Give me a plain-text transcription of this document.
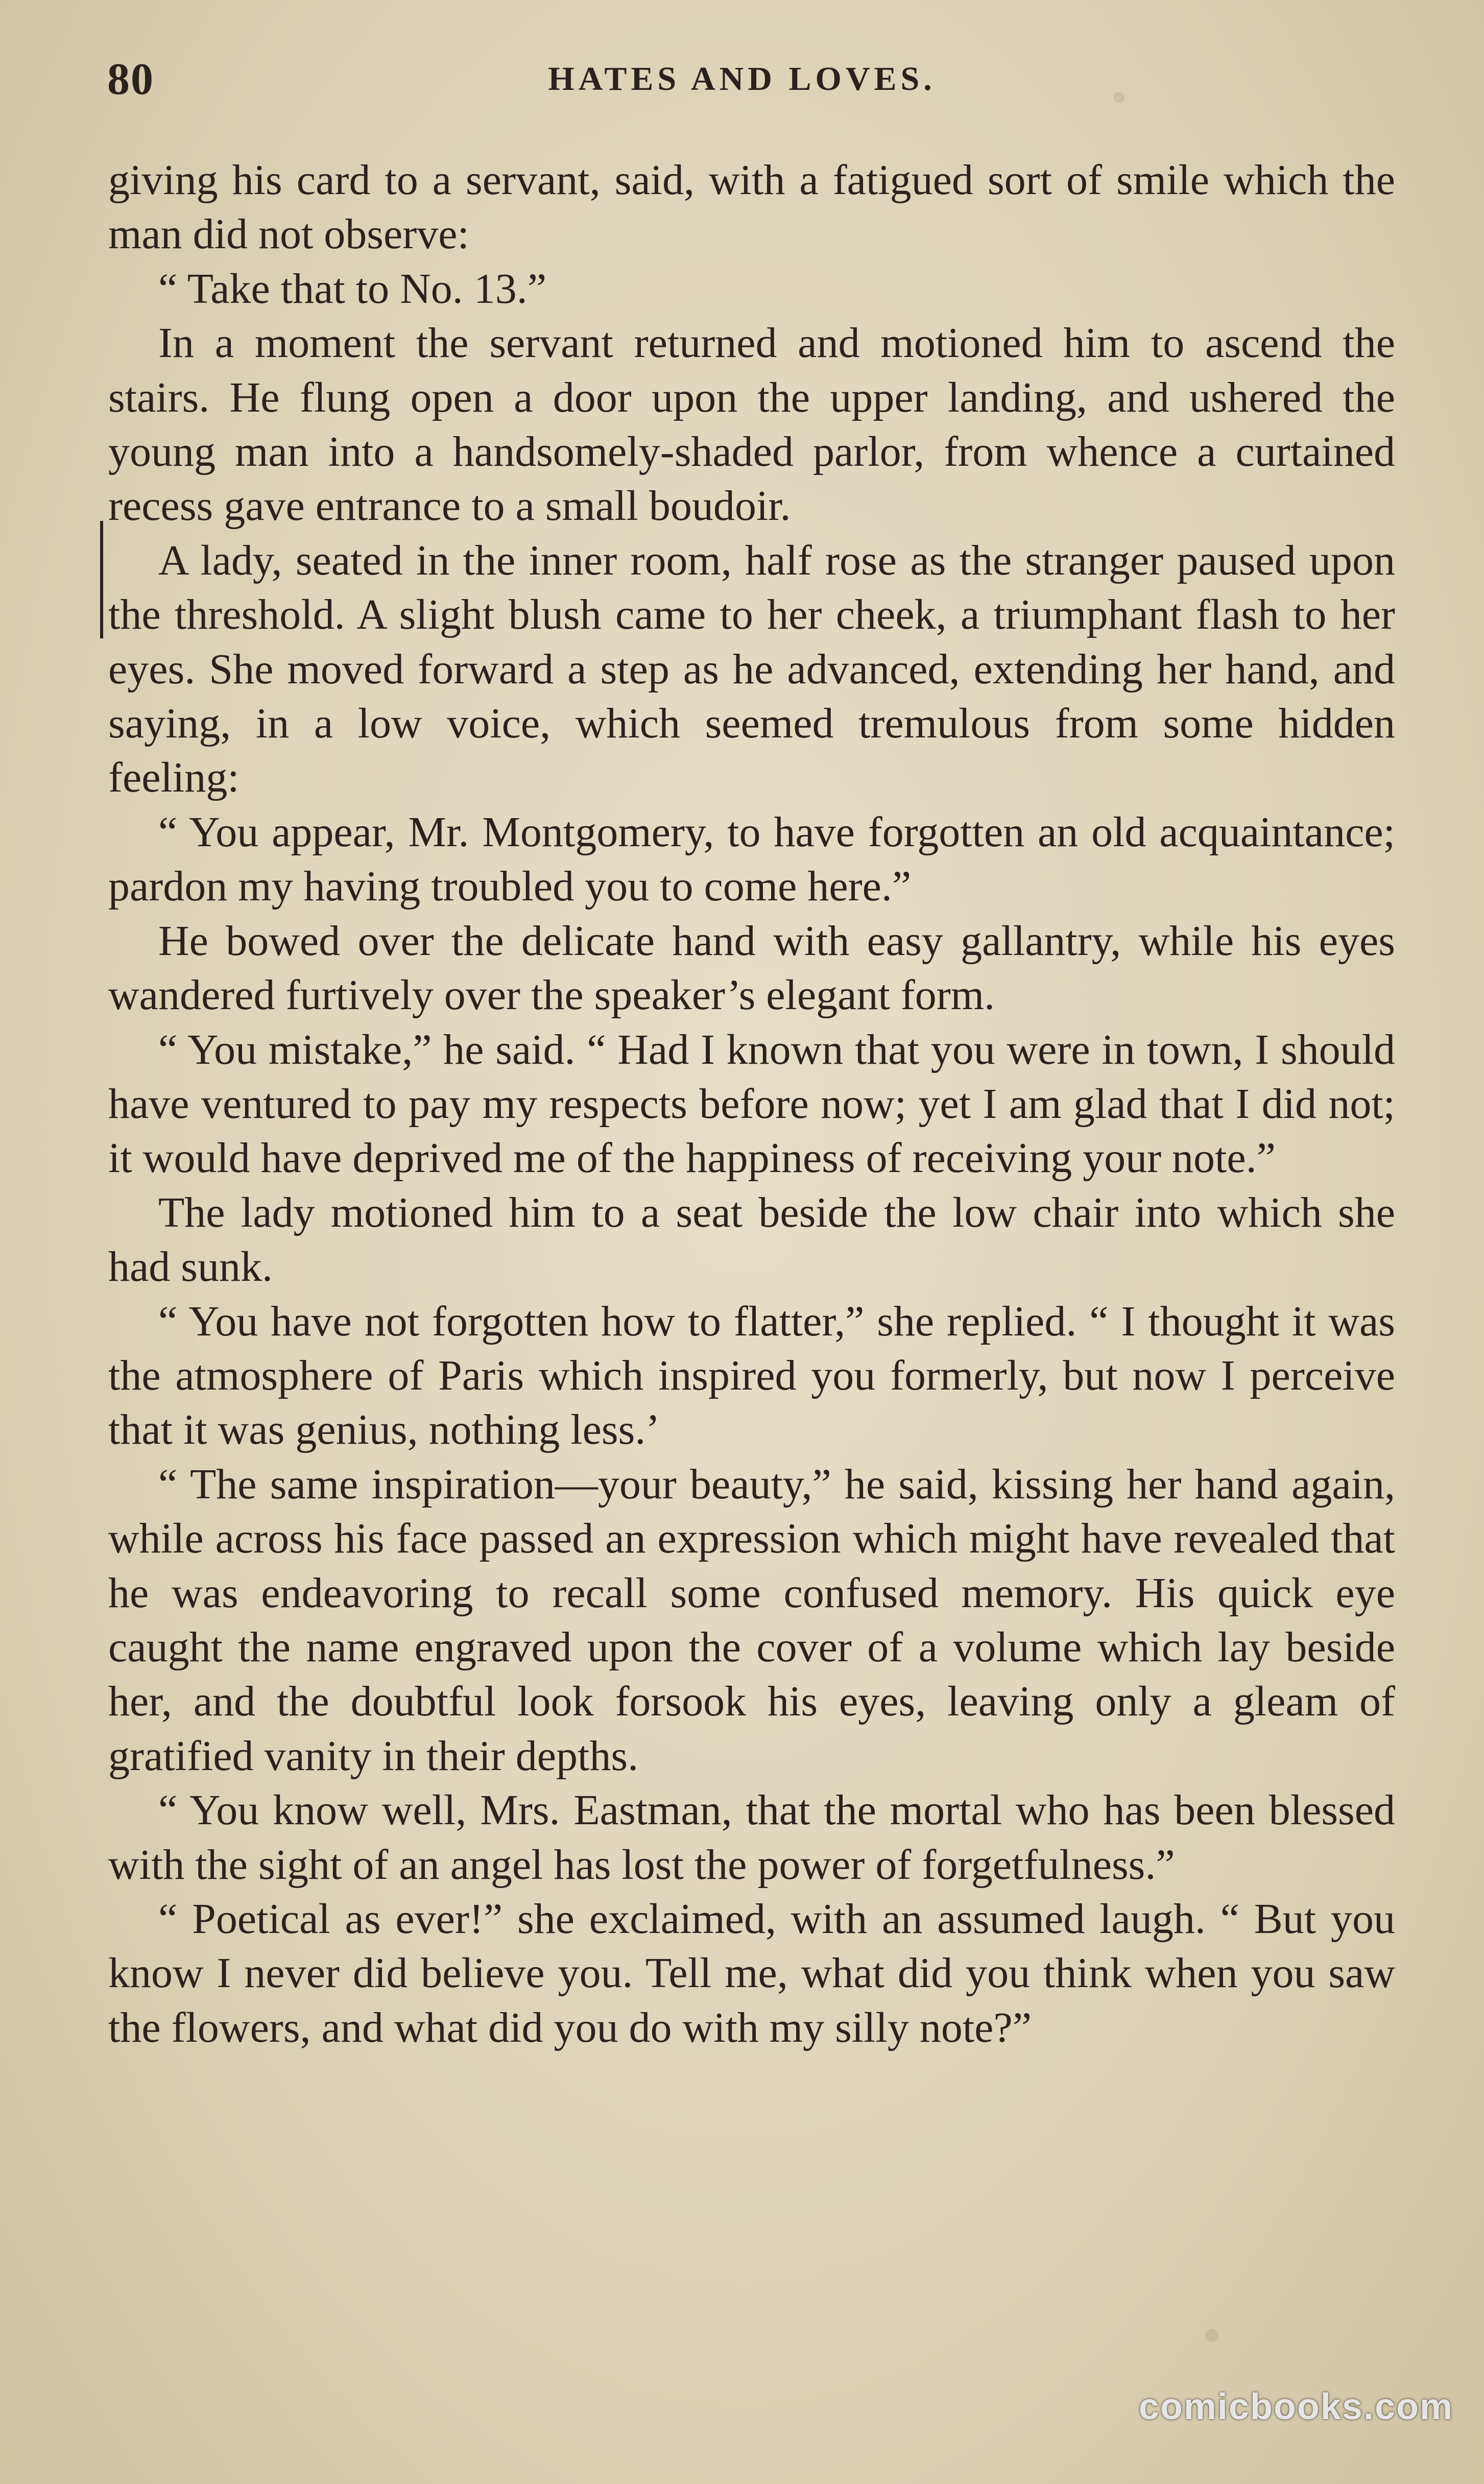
80	HATES AND LOVES.

giving his card to a servant, said, with a fatigued sort of smile which the man did not observe:

“ Take that to No. 13.”

In a moment the servant returned and motioned him to ascend the stairs. He flung open a door upon the upper landing, and ushered the young man into a handsomely-shaded parlor, from whence a curtained recess gave entrance to a small boudoir.

A lady, seated in the inner room, half rose as the stranger paused upon the threshold. A slight blush came to her cheek, a triumphant flash to her eyes. She moved forward a step as he advanced, extending her hand, and saying, in a low voice, which seemed tremulous from some hidden feeling:

“ You appear, Mr. Montgomery, to have forgotten an old acquaintance; pardon my having troubled you to come here.”

He bowed over the delicate hand with easy gallantry, while his eyes wandered furtively over the speaker’s elegant form.

“ You mistake,” he said. “ Had I known that you were in town, I should have ventured to pay my respects before now; yet I am glad that I did not; it would have deprived me of the happiness of receiving your note.”

The lady motioned him to a seat beside the low chair into which she had sunk.

“ You have not forgotten how to flatter,” she replied. “ I thought it was the atmosphere of Paris which inspired you formerly, but now I perceive that it was genius, nothing less.’

“ The same inspiration—your beauty,” he said, kissing her hand again, while across his face passed an expression which might have revealed that he was endeavoring to recall some confused memory. His quick eye caught the name engraved upon the cover of a volume which lay beside her, and the doubtful look forsook his eyes, leaving only a gleam of gratified vanity in their depths.

“ You know well, Mrs. Eastman, that the mortal who has been blessed with the sight of an angel has lost the power of forgetfulness.”

“ Poetical as ever!” she exclaimed, with an assumed laugh. “ But you know I never did believe you. Tell me, what did you think when you saw the flowers, and what did you do with my silly note?”

comicbooks.com
